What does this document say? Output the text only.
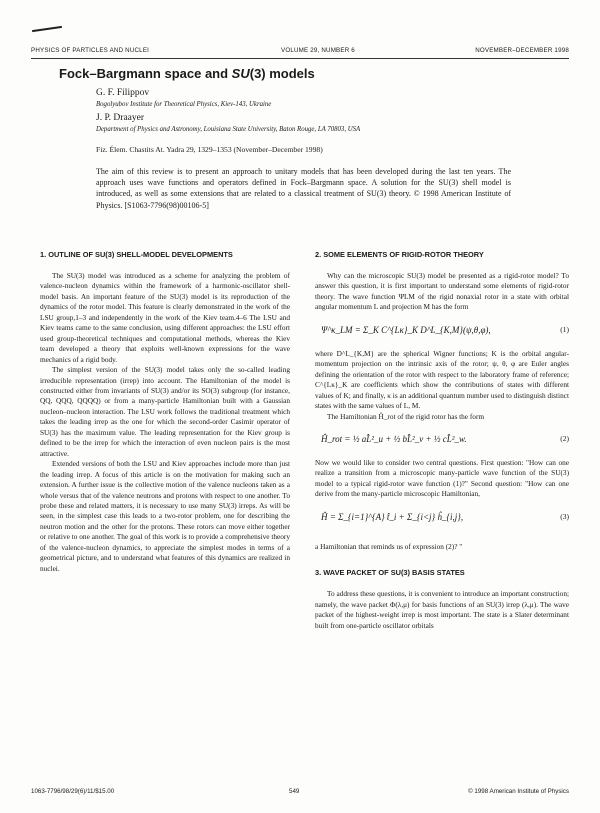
PHYSICS OF PARTICLES AND NUCLEI	VOLUME 29, NUMBER 6	NOVEMBER–DECEMBER 1998
Fock–Bargmann space and SU(3) models
G. F. Filippov
Bogolyubov Institute for Theoretical Physics, Kiev-143, Ukraine
J. P. Draayer
Department of Physics and Astronomy, Louisiana State University, Baton Rouge, LA 70803, USA
Fiz. Élem. Chastits At. Yadra 29, 1329–1353 (November–December 1998)

The aim of this review is to present an approach to unitary models that has been developed during the last ten years. The approach uses wave functions and operators defined in Fock–Bargmann space. A solution for the SU(3) shell model is introduced, as well as some extensions that are related to a classical treatment of SU(3) theory. © 1998 American Institute of Physics. [S1063-7796(98)00106-5]

1. OUTLINE OF SU(3) SHELL-MODEL DEVELOPMENTS

The SU(3) model was introduced as a scheme for analyzing the problem of valence-nucleon dynamics within the framework of a harmonic-oscillator shell-model basis. An important feature of the SU(3) model is its reproduction of the dynamics of the rotor model. This feature is clearly demonstrated in the work of the LSU group,1–3 and independently in the work of the Kiev team.4–6 The LSU and Kiev teams came to the same conclusion, using different approaches: the LSU effort used group-theoretical techniques and computational methods, whereas the Kiev team developed a theory that exploits well-known expressions for the wave mechanics of a rigid body.

The simplest version of the SU(3) model takes only the so-called leading irreducible representation (irrep) into account. The Hamiltonian of the model is constructed either from invariants of SU(3) and/or its SO(3) subgroup (for instance, QQ, QQQ, QQQQ) or from a many-particle Hamiltonian built with a Gaussian nucleon–nucleon interaction. The LSU work follows the traditional treatment which takes the leading irrep as the one for which the second-order Casimir operator of SU(3) has the maximum value. The leading representation for the Kiev group is defined to be the irrep for which the interaction of even nucleon pairs is the most attractive.

Extended versions of both the LSU and Kiev approaches include more than just the leading irrep. A focus of this article is on the motivation for making such an extension. A further issue is the collective motion of the valence nucleons taken as a whole versus that of the valence neutrons and protons with respect to one another. To probe these and related matters, it is necessary to use many SU(3) irreps. As will be seen, in the simplest case this leads to a two-rotor problem, one for describing the neutron motion and the other for the protons. These rotors can move either together or relative to one another. The goal of this work is to provide a comprehensive theory of the valence-nucleon dynamics, to appreciate the simplest modes in terms of a geometrical picture, and to understand what features of this dynamics are realized in nuclei.

2. SOME ELEMENTS OF RIGID-ROTOR THEORY

Why can the microscopic SU(3) model be presented as a rigid-rotor model? To answer this question, it is first important to understand some elements of rigid-rotor theory. The wave function ΨLM of the rigid nonaxial rotor in a state with orbital angular momentum L and projection M has the form

Ψ^κ_LM = Σ_K C^{Lκ}_K D^L_{K,M}(ψ,θ,φ),	(1)

where D^L_{K,M} are the spherical Wigner functions; K is the orbital angular-momentum projection on the intrinsic axis of the rotor; ψ, θ, φ are Euler angles defining the orientation of the rotor with respect to the laboratory frame of reference; C^{Lκ}_K are coefficients which show the contributions of states with different values of K; and finally, κ is an additional quantum number used to distinguish distinct states with the same values of L, M.

The Hamiltonian Ĥ_rot of the rigid rotor has the form

Ĥ_rot = ½ aL̂²_u + ½ bL̂²_v + ½ cL̂²_w.	(2)

Now we would like to consider two central questions. First question: "How can one realize a transition from a microscopic many-particle wave function of the SU(3) model to a typical rigid-rotor wave function (1)?" Second question: "How can one derive from the many-particle microscopic Hamiltonian,

Ĥ = Σ_{i=1}^{A} t̂_i + Σ_{i<j} ĥ_{i,j},	(3)

a Hamiltonian that reminds us of expression (2)? "

3. WAVE PACKET OF SU(3) BASIS STATES

To address these questions, it is convenient to introduce an important construction; namely, the wave packet Φ(λ,μ) for basis functions of an SU(3) irrep (λ,μ). The wave packet of the highest-weight irrep is most important. The state is a Slater determinant built from one-particle oscillator orbitals

1063-7796/98/29(6)/11/$15.00	549	© 1998 American Institute of Physics
